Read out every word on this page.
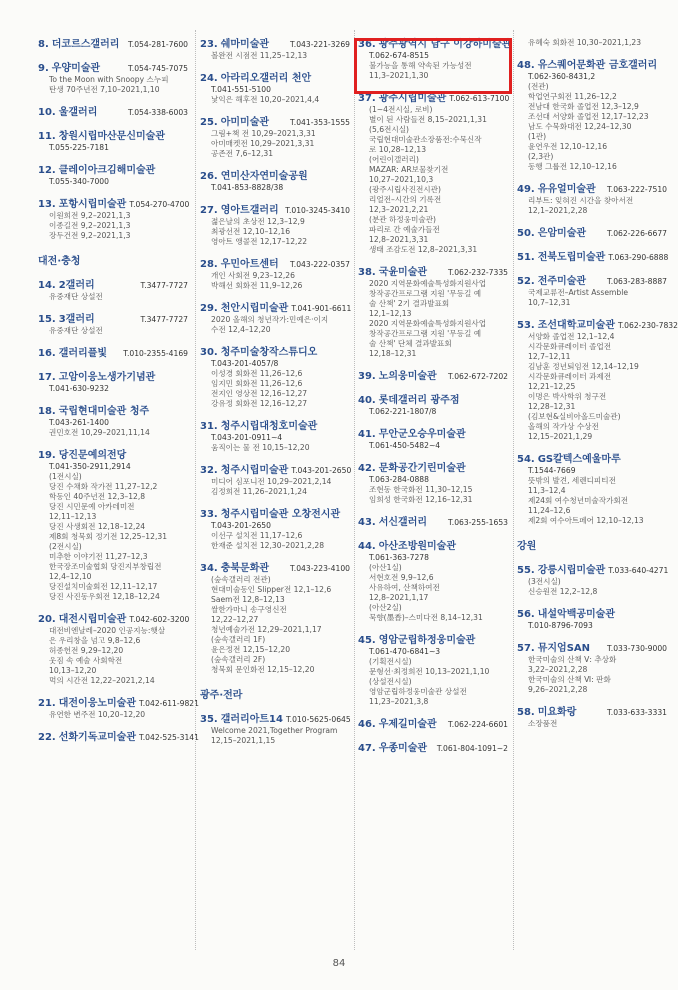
8. 더코르스갤러리	T.054-281-7600
9. 우양미술관	T.054-745-7075
To the Moon with Snoopy 스누피
탄생 70주년전 7,10–2021,1,10
10. 울갤러리	T.054-338-6003
11. 창원시립마산문신미술관
T.055-225-7181
12. 클레이아크김해미술관
T.055-340-7000
13. 포항시립미술관 T.054-270-4700
이원희전 9,2–2021,1,3
이종길전 9,2–2021,1,3
장두건전 9,2–2021,1,3
대전·충청
14. 2갤러리	T.3477-7727
유중재단 상설전
15. 3갤러리	T.3477-7727
유중재단 상설전
16. 갤러리플빛	T.010-2355-4169
17. 고암이응노생가기념관
T.041-630-9232
18. 국립현대미술관 청주
T.043-261-1400
권민호전 10,29–2021,11,14
19. 당진문예의전당
T.041-350-2911,2914
(1전시실)
당진 수채화 작가전 11,27–12,2
학동인 40주년전 12,3–12,8
당진 시민문예 아카데미전
12,11–12,13
당진 사생회전 12,18–12,24
제8회 청묵회 정기전 12,25–12,31
(2전시실)
미추한 이야기전 11,27–12,3
한국장조미술협회 당진지부창립전
12,4–12,10
당진설치미술회전 12,11–12,17
당진 사진동우회전 12,18–12,24
20. 대전시립미술관 T.042-602-3200
대전비엔날레–2020 인공지능:햇살
은 우리창을 넘고 9,8–12,6
허종헌전 9,29–12,20
웃짐 속 예술 사회학전
10,13–12,20
먹의 시간전 12,22–2021,2,14
21. 대전이응노미술관 T.042-611-9821
유연한 변주전 10,20–12,20
22. 선화기독교미술관 T.042-525-3141
23. 쉐마미술관	T.043-221-3269
볼완전 시점전 11,25–12,13
24. 아라리오갤러리 천안
T.041-551-5100
낯익은 해후전 10,20–2021,4,4
25. 아미미술관	T.041-353-1555
그림+책 전 10,29–2021,3,31
아미매켓전 10,29–2021,3,31
공존전 7,6–12,31
26. 연미산자연미술공원
T.041-853-8828/38
27. 영아트갤러리 T.010-3245-3410
젊은날의 초상전 12,3–12,9
최광선전 12,10–12,16
영아트 앵콜전 12,17–12,22
28. 우민아트센터	T.043-222-0357
개인 사회전 9,23–12,26
박해선 회화전 11,9–12,26
29. 천안시립미술관 T.041-901-6611
2020 올해의 청년작가:민예은·이지
수전 12,4–12,20
30. 청주미술창작스튜디오
T.043-201-4057/8
이성경 회화전 11,26–12,6
임지민 회화전 11,26–12,6
전지인 영상전 12,16–12,27
강유정 회화전 12,16–12,27
31. 청주시립대청호미술관
T.043-201-0911~4
움직이는 물 전 10,15–12,20
32. 청주시립미술관 T.043-201-2650
미디어 심포니전 10,29–2021,2,14
김정희전 11,26–2021,1,24
33. 청주시립미술관 오창전시관
T.043-201-2650
이선구 설치전 11,17–12,6
한재준 설치전 12,30–2021,2,28
34. 충북문화관	T.043-223-4100
(숲속갤러리 전관)
현대미술동인 Slipper전 12,1–12,6
Saem전 12,8–12,13
쌀한가마니 송구영신전
12,22–12,27
청년예술가전 12,29–2021,1,17
(숲속갤러리 1F)
윤은정전 12,15–12,20
(숲속갤러리 2F)
청묵회 문인화전 12,15–12,20
광주·전라
35. 갤러리아트14 T.010-5625-0645
Welcome 2021,Together Program
12,15–2021,1,15
36. 광주광역시 남구 이강하미술관
T.062-674-8515
불가능을 통해 약속된 가능성전
11,3–2021,1,30
37. 광주시립미술관 T.062-613-7100
(1~4전시실, 로비)
별이 된 사람들전 8,15–2021,1,31
(5,6전시실)
국립현대미술관소장품전:수묵신작
로 10,28–12,13
(어린이갤러리)
MAZAR: AR보물찾기전
10,27–2021,10,3
(광주시립사진전시관)
리얼전–시간의 기록전
12,3–2021,2,21
(분관 하정웅미술관)
파리로 간 예술가들전
12,8–2021,3,31
생태 조감도전 12,8–2021,3,31
38. 국윤미술관	T.062-232-7335
2020 지역문화예술특성화지원사업
창작공간프로그램 지원 '무등길 예
술 산책' 2기 결과발표회
12,1–12,13
2020 지역문화예술특성화지원사업
창작공간프로그램 지원 '무등길 예
술 산책' 단체 결과발표회
12,18–12,31
39. 노의웅미술관	T.062-672-7202
40. 롯데갤러리 광주점
T.062-221-1807/8
41. 무안군오승우미술관
T.061-450-5482~4
42. 문화공간기린미술관
T.063-284-0888
조현동 한국화전 11,30–12,15
임희성 한국화전 12,16–12,31
43. 서신갤러리	T.063-255-1653
44. 아산조방원미술관
T.061-363-7278
(아산1실)
서현호전 9,9–12,6
사유하여, 산책하여전
12,8–2021,1,17
(아산2실)
묵향(墨香)–스미다전 8,14–12,31
45. 영암군립하정웅미술관
T.061-470-6841~3
(기획전시실)
문형선·최정희전 10,13–2021,1,10
(상설전시실)
영암군립하정웅미술관 상설전
11,23–2021,3,8
46. 우제길미술관	T.062-224-6601
47. 우종미술관	T.061-804-1091~2
유혜숙 회화전 10,30–2021,1,23
48. 유스퀘어문화관 금호갤러리
T.062-360-8431,2
(전관)
학업연구회전 11,26–12,2
전남대 한국화 졸업전 12,3–12,9
조선대 서양화 졸업전 12,17–12,23
남도 수묵화대전 12,24–12,30
(1관)
윤연우전 12,10–12,16
(2,3관)
동행 그룹전 12,10–12,16
49. 유유얼미술관	T.063-222-7510
리부트: 잊혀진 시간을 찾아서전
12,1–2021,2,28
50. 은암미술관	T.062-226-6677
51. 전북도립미술관 T.063-290-6888
52. 전주미술관	T.063-283-8887
국제교류전–Artist Assemble
10,7–12,31
53. 조선대학교미술관 T.062-230-7832
서양화 졸업전 12,1–12,4
시각문화큐레이터 졸업전
12,7–12,11
김남훈 정년퇴임전 12,14–12,19
시각문화큐레이터 과제전
12,21–12,25
이명은 박사학위 청구전
12,28–12,31
(김보현&실비아올드미술관)
올해의 작가상 수상전
12,15–2021,1,29
54. GS칼텍스예울마루
T.1544-7669
뜻밖의 발견, 세렌디피티전
11,3–12,4
제24회 여수청년미술작가회전
11,24–12,6
제2회 여수아트페어 12,10–12,13
강원
55. 강릉시립미술관 T.033-640-4271
(3전시실)
신승원전 12,2–12,8
56. 내설악백공미술관
T.010-8796-7093
57. 뮤지엄SAN	T.033-730-9000
한국미술의 산책 Ⅴ: 추상화
3,22–2021,2,28
한국미술의 산책 Ⅵ: 판화
9,26–2021,2,28
58. 미요화랑	T.033-633-3331
소장품전
84
